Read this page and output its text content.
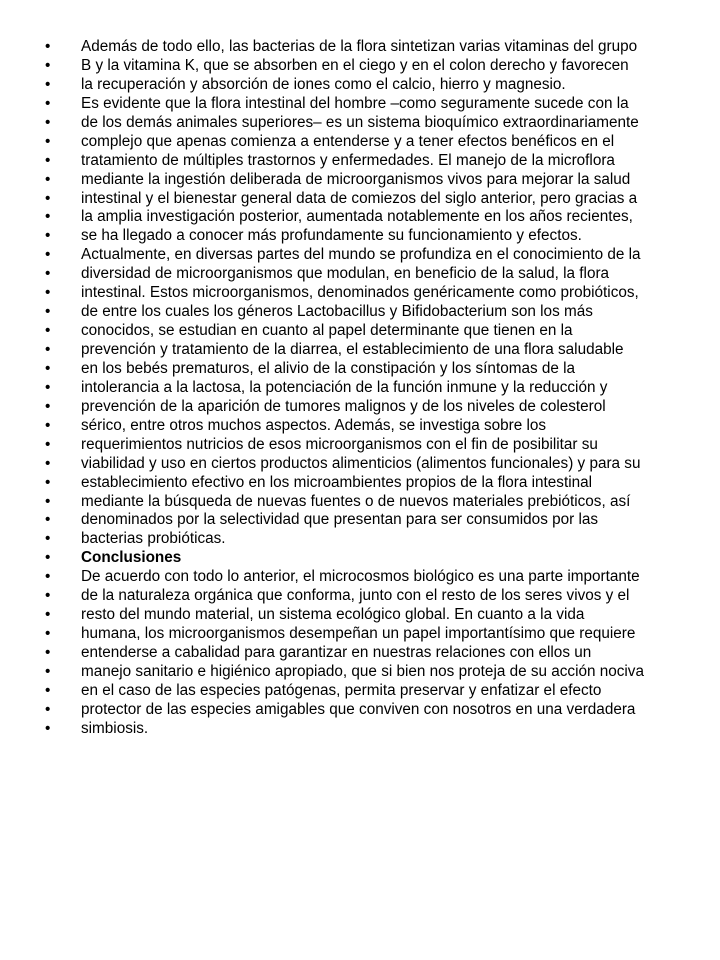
•	Además de todo ello, las bacterias de la flora sintetizan varias vitaminas del grupo
•	B y la vitamina K, que se absorben en el ciego y en el colon derecho y favorecen
•	la recuperación y absorción de iones como el calcio, hierro y magnesio.
•	Es evidente que la flora intestinal del hombre –como seguramente sucede con la
•	de los demás animales superiores– es un sistema bioquímico extraordinariamente
•	complejo que apenas comienza a entenderse y a tener efectos benéficos en el
•	tratamiento de múltiples trastornos y enfermedades. El manejo de la microflora
•	mediante la ingestión deliberada de microorganismos vivos para mejorar la salud
•	intestinal y el bienestar general data de comiezos del siglo anterior, pero gracias a
•	la amplia investigación posterior, aumentada notablemente en los años recientes,
•	se ha llegado a conocer más profundamente su funcionamiento y efectos.
•	Actualmente, en diversas partes del mundo se profundiza en el conocimiento de la
•	diversidad de microorganismos que modulan, en beneficio de la salud, la flora
•	intestinal. Estos microorganismos, denominados genéricamente como probióticos,
•	de entre los cuales los géneros Lactobacillus y Bifidobacterium son los más
•	conocidos, se estudian en cuanto al papel determinante que tienen en la
•	prevención y tratamiento de la diarrea, el establecimiento de una flora saludable
•	en los bebés prematuros, el alivio de la constipación y los síntomas de la
•	intolerancia a la lactosa, la potenciación de la función inmune y la reducción y
•	prevención de la aparición de tumores malignos y de los niveles de colesterol
•	sérico, entre otros muchos aspectos. Además, se investiga sobre los
•	requerimientos nutricios de esos microorganismos con el fin de posibilitar su
•	viabilidad y uso en ciertos productos alimenticios (alimentos funcionales) y para su
•	establecimiento efectivo en los microambientes propios de la flora intestinal
•	mediante la búsqueda de nuevas fuentes o de nuevos materiales prebióticos, así
•	denominados por la selectividad que presentan para ser consumidos por las
•	bacterias probióticas.
•	Conclusiones
•	De acuerdo con todo lo anterior, el microcosmos biológico es una parte importante
•	de la naturaleza orgánica que conforma, junto con el resto de los seres vivos y el
•	resto del mundo material, un sistema ecológico global. En cuanto a la vida
•	humana, los microorganismos desempeñan un papel importantísimo que requiere
•	entenderse a cabalidad para garantizar en nuestras relaciones con ellos un
•	manejo sanitario e higiénico apropiado, que si bien nos proteja de su acción nociva
•	en el caso de las especies patógenas, permita preservar y enfatizar el efecto
•	protector de las especies amigables que conviven con nosotros en una verdadera
•	simbiosis.
